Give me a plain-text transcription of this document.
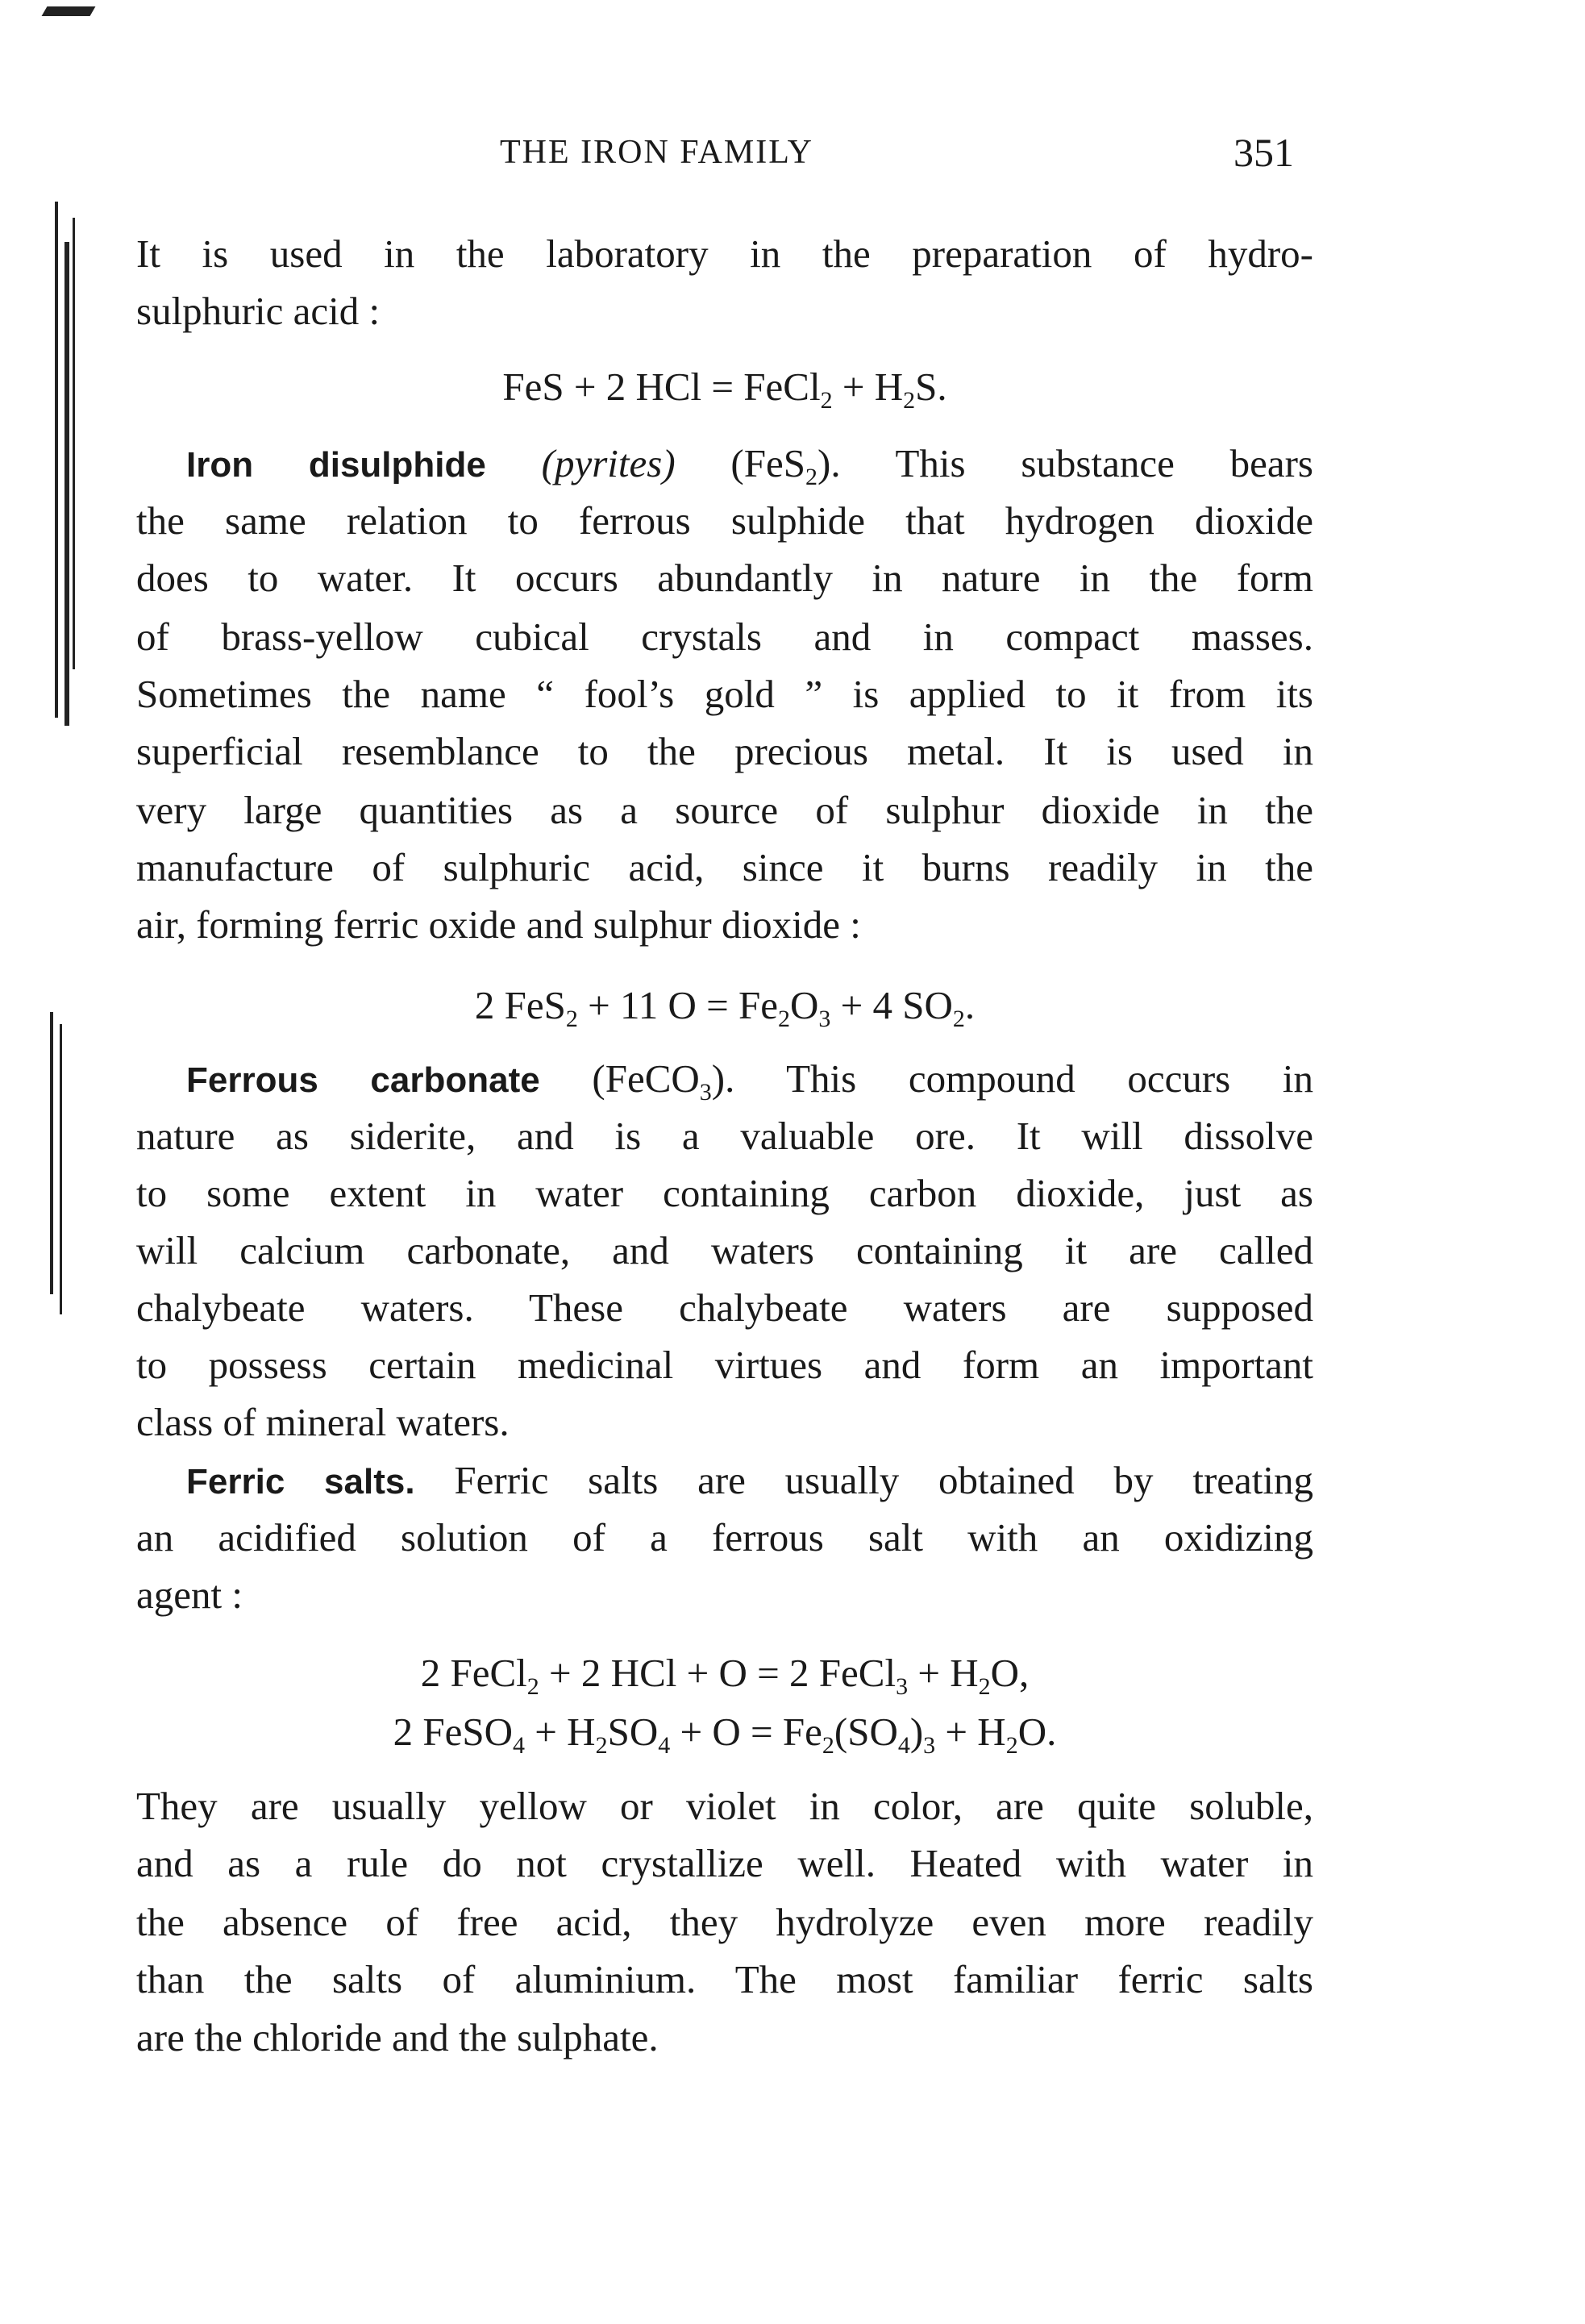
THE IRON FAMILY	351
It is used in the laboratory in the preparation of hydro-
sulphuric acid :
FeS + 2 HCl = FeCl$_2$ + $H_2S$.
Iron disulphide (pyrites) (FeS$_2$). This substance bears
the same relation to ferrous sulphide that hydrogen dioxide
does to water. It occurs abundantly in nature in the form
of brass-yellow cubical crystals and in compact masses.
Sometimes the name “ fool’s gold ” is applied to it from its
superficial resemblance to the precious metal. It is used in
very large quantities as a source of sulphur dioxide in the
manufacture of sulphuric acid, since it burns readily in the
air, forming ferric oxide and sulphur dioxide :
2 FeS$_2$ + 11 $O = Fe_2O_3 + 4$ $SO_2$.
Ferrous carbonate (FeCO$_3$). This compound occurs in
nature as siderite, and is a valuable ore. It will dissolve
to some extent in water containing carbon dioxide, just as
will calcium carbonate, and waters containing it are called
chalybeate waters. These chalybeate waters are supposed
to possess certain medicinal virtues and form an important
class of mineral waters.
Ferric salts. Ferric salts are usually obtained by treating
an acidified solution of a ferrous salt with an oxidizing
agent :
2 FeCl$_2$ + 2 HCl + O = 2 FeCl$_3$ + $H_2O$,
2 FeSO$_4$ + $H_2SO_4 + O = Fe_2(SO_4)_3 + H_2O$.
They are usually yellow or violet in color, are quite soluble,
and as a rule do not crystallize well. Heated with water in
the absence of free acid, they hydrolyze even more readily
than the salts of aluminium. The most familiar ferric salts
are the chloride and the sulphate.
